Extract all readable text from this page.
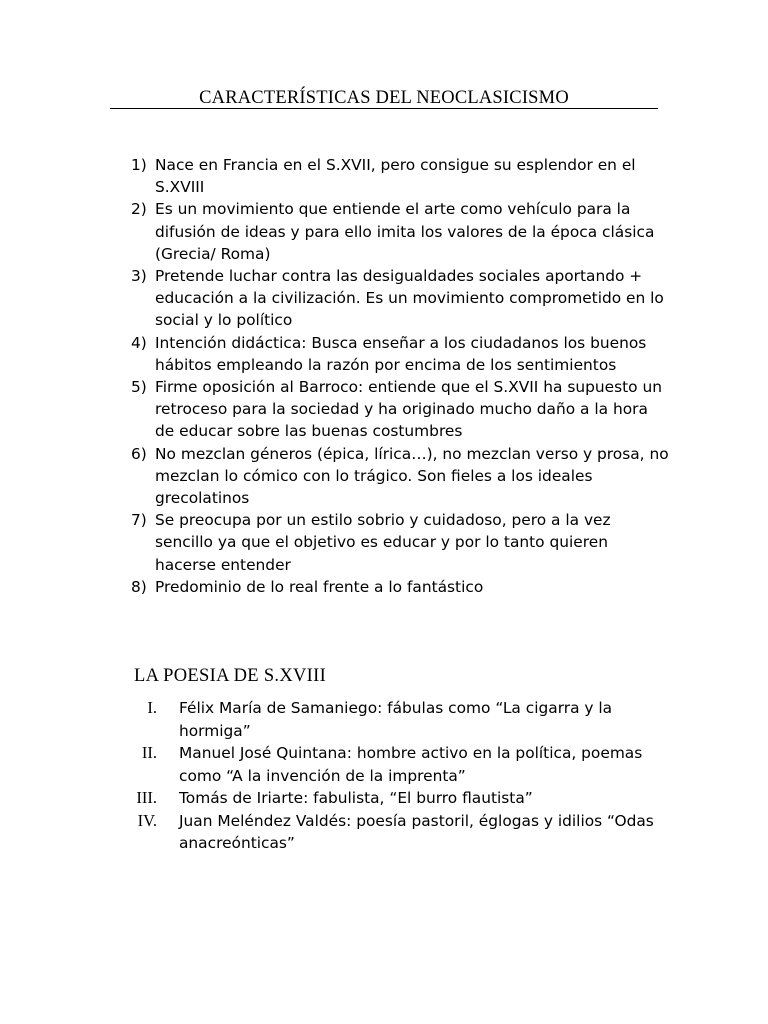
CARACTERÍSTICAS DEL NEOCLASICISMO
1) Nace en Francia en el S.XVII, pero consigue su esplendor en el S.XVIII
2) Es un movimiento que entiende el arte como vehículo para la difusión de ideas y para ello imita los valores de la época clásica (Grecia/ Roma)
3) Pretende luchar contra las desigualdades sociales aportando + educación a la civilización. Es un movimiento comprometido en lo social y lo político
4) Intención didáctica: Busca enseñar a los ciudadanos los buenos hábitos empleando la razón por encima de los sentimientos
5) Firme oposición al Barroco: entiende que el S.XVII ha supuesto un retroceso para la sociedad y ha originado mucho daño a la hora de educar sobre las buenas costumbres
6) No mezclan géneros (épica, lírica…), no mezclan verso y prosa, no mezclan lo cómico con lo trágico. Son fieles a los ideales grecolatinos
7) Se preocupa por un estilo sobrio y cuidadoso, pero a la vez sencillo ya que el objetivo es educar y por lo tanto quieren hacerse entender
8) Predominio de lo real frente a lo fantástico
LA POESIA DE S.XVIII
I. Félix María de Samaniego: fábulas como “La cigarra y la hormiga”
II. Manuel José Quintana: hombre activo en la política, poemas como “A la invención de la imprenta”
III. Tomás de Iriarte: fabulista, “El burro flautista”
IV. Juan Meléndez Valdés: poesía pastoril, églogas y idilios “Odas anacreónticas”
